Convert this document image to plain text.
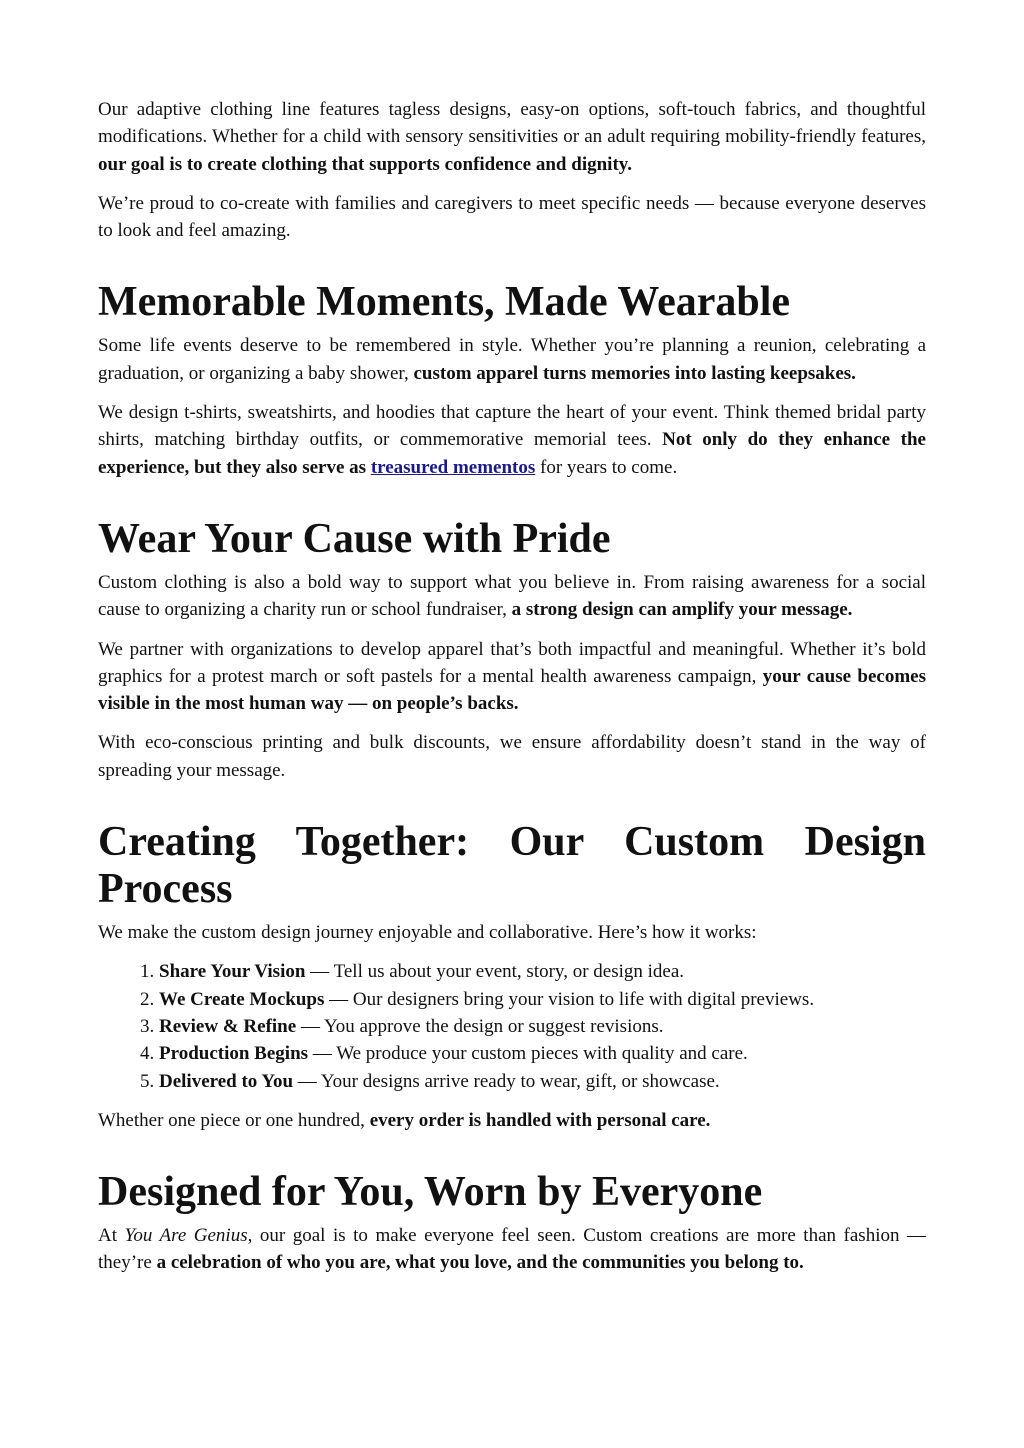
Our adaptive clothing line features tagless designs, easy-on options, soft-touch fabrics, and thoughtful modifications. Whether for a child with sensory sensitivities or an adult requiring mobility-friendly features, our goal is to create clothing that supports confidence and dignity.

We’re proud to co-create with families and caregivers to meet specific needs — because everyone deserves to look and feel amazing.

Memorable Moments, Made Wearable

Some life events deserve to be remembered in style. Whether you’re planning a reunion, celebrating a graduation, or organizing a baby shower, custom apparel turns memories into lasting keepsakes.

We design t-shirts, sweatshirts, and hoodies that capture the heart of your event. Think themed bridal party shirts, matching birthday outfits, or commemorative memorial tees. Not only do they enhance the experience, but they also serve as treasured mementos for years to come.

Wear Your Cause with Pride

Custom clothing is also a bold way to support what you believe in. From raising awareness for a social cause to organizing a charity run or school fundraiser, a strong design can amplify your message.

We partner with organizations to develop apparel that’s both impactful and meaningful. Whether it’s bold graphics for a protest march or soft pastels for a mental health awareness campaign, your cause becomes visible in the most human way — on people’s backs.

With eco-conscious printing and bulk discounts, we ensure affordability doesn’t stand in the way of spreading your message.

Creating Together: Our Custom Design Process

We make the custom design journey enjoyable and collaborative. Here’s how it works:

1. Share Your Vision — Tell us about your event, story, or design idea.
2. We Create Mockups — Our designers bring your vision to life with digital previews.
3. Review & Refine — You approve the design or suggest revisions.
4. Production Begins — We produce your custom pieces with quality and care.
5. Delivered to You — Your designs arrive ready to wear, gift, or showcase.

Whether one piece or one hundred, every order is handled with personal care.

Designed for You, Worn by Everyone

At You Are Genius, our goal is to make everyone feel seen. Custom creations are more than fashion — they’re a celebration of who you are, what you love, and the communities you belong to.
